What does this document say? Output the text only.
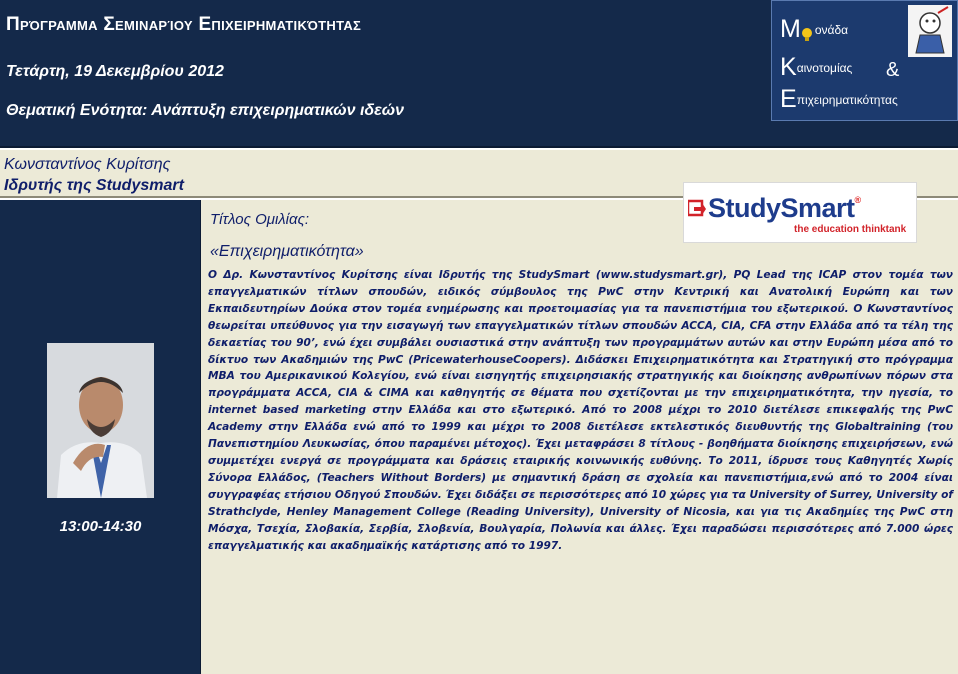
Πρόγραμμα Σεμιναρίου Επιχειρηματικότητας
Τετάρτη, 19 Δεκεμβρίου 2012
Θεματική Ενότητα: Ανάπτυξη επιχειρηματικών ιδεών
Μ ονάδα
Καινοτομίας &
Επιχειρηματικότητας
Κωνσταντίνος Κυρίτσης
Ιδρυτής της Studysmart
13:00-14:30
Τίτλος Ομιλίας:
«Επιχειρηματικότητα»

Ο Δρ. Κωνσταντίνος Κυρίτσης είναι Ιδρυτής της StudySmart (www.studysmart.gr), PQ Lead της ICAP στον τομέα των επαγγελματικών τίτλων σπουδών, ειδικός σύμβουλος της PwC στην Κεντρική και Ανατολική Ευρώπη και των Εκπαιδευτηρίων Δούκα στον τομέα ενημέρωσης και προετοιμασίας για τα πανεπιστήμια του εξωτερικού. Ο Κωνσταντίνος θεωρείται υπεύθυνος για την εισαγωγή των επαγγελματικών τίτλων σπουδών ACCA, CIA, CFA στην Ελλάδα από τα τέλη της δεκαετίας του 90’, ενώ έχει συμβάλει ουσιαστικά στην ανάπτυξη των προγραμμάτων αυτών και στην Ευρώπη μέσα από το δίκτυο των Ακαδημιών της PwC (PricewaterhouseCoopers). Διδάσκει Επιχειρηματικότητα και Στρατηγική στο πρόγραμμα MBA του Αμερικανικού Κολεγίου, ενώ είναι εισηγητής επιχειρησιακής στρατηγικής και διοίκησης ανθρωπίνων πόρων στα προγράμματα ACCA, CIA & CIMA και καθηγητής σε θέματα που σχετίζονται με την επιχειρηματικότητα, την ηγεσία, το internet based marketing στην Ελλάδα και στο εξωτερικό. Από το 2008 μέχρι το 2010 διετέλεσε επικεφαλής της PwC Academy στην Ελλάδα ενώ από το 1999 και μέχρι το 2008 διετέλεσε εκτελεστικός διευθυντής της Globaltraining (του Πανεπιστημίου Λευκωσίας, όπου παραμένει μέτοχος). Έχει μεταφράσει 8 τίτλους - βοηθήματα διοίκησης επιχειρήσεων, ενώ συμμετέχει ενεργά σε προγράμματα και δράσεις εταιρικής κοινωνικής ευθύνης. Το 2011, ίδρυσε τους Καθηγητές Χωρίς Σύνορα Ελλάδος, (Teachers Without Borders) με σημαντική δράση σε σχολεία και πανεπιστήμια,ενώ από το 2004 είναι συγγραφέας ετήσιου Οδηγού Σπουδών. Έχει διδάξει σε περισσότερες από 10 χώρες για τα University of Surrey, University of Strathclyde, Henley Management College (Reading University), University of Nicosia, και για τις Ακαδημίες της PwC στη Μόσχα, Τσεχία, Σλοβακία, Σερβία, Σλοβενία, Βουλγαρία, Πολωνία και άλλες. Έχει παραδώσει περισσότερες από 7.000 ώρες επαγγελματικής και ακαδημαϊκής κατάρτισης από το 1997.

StudySmart®
the education thinktank
